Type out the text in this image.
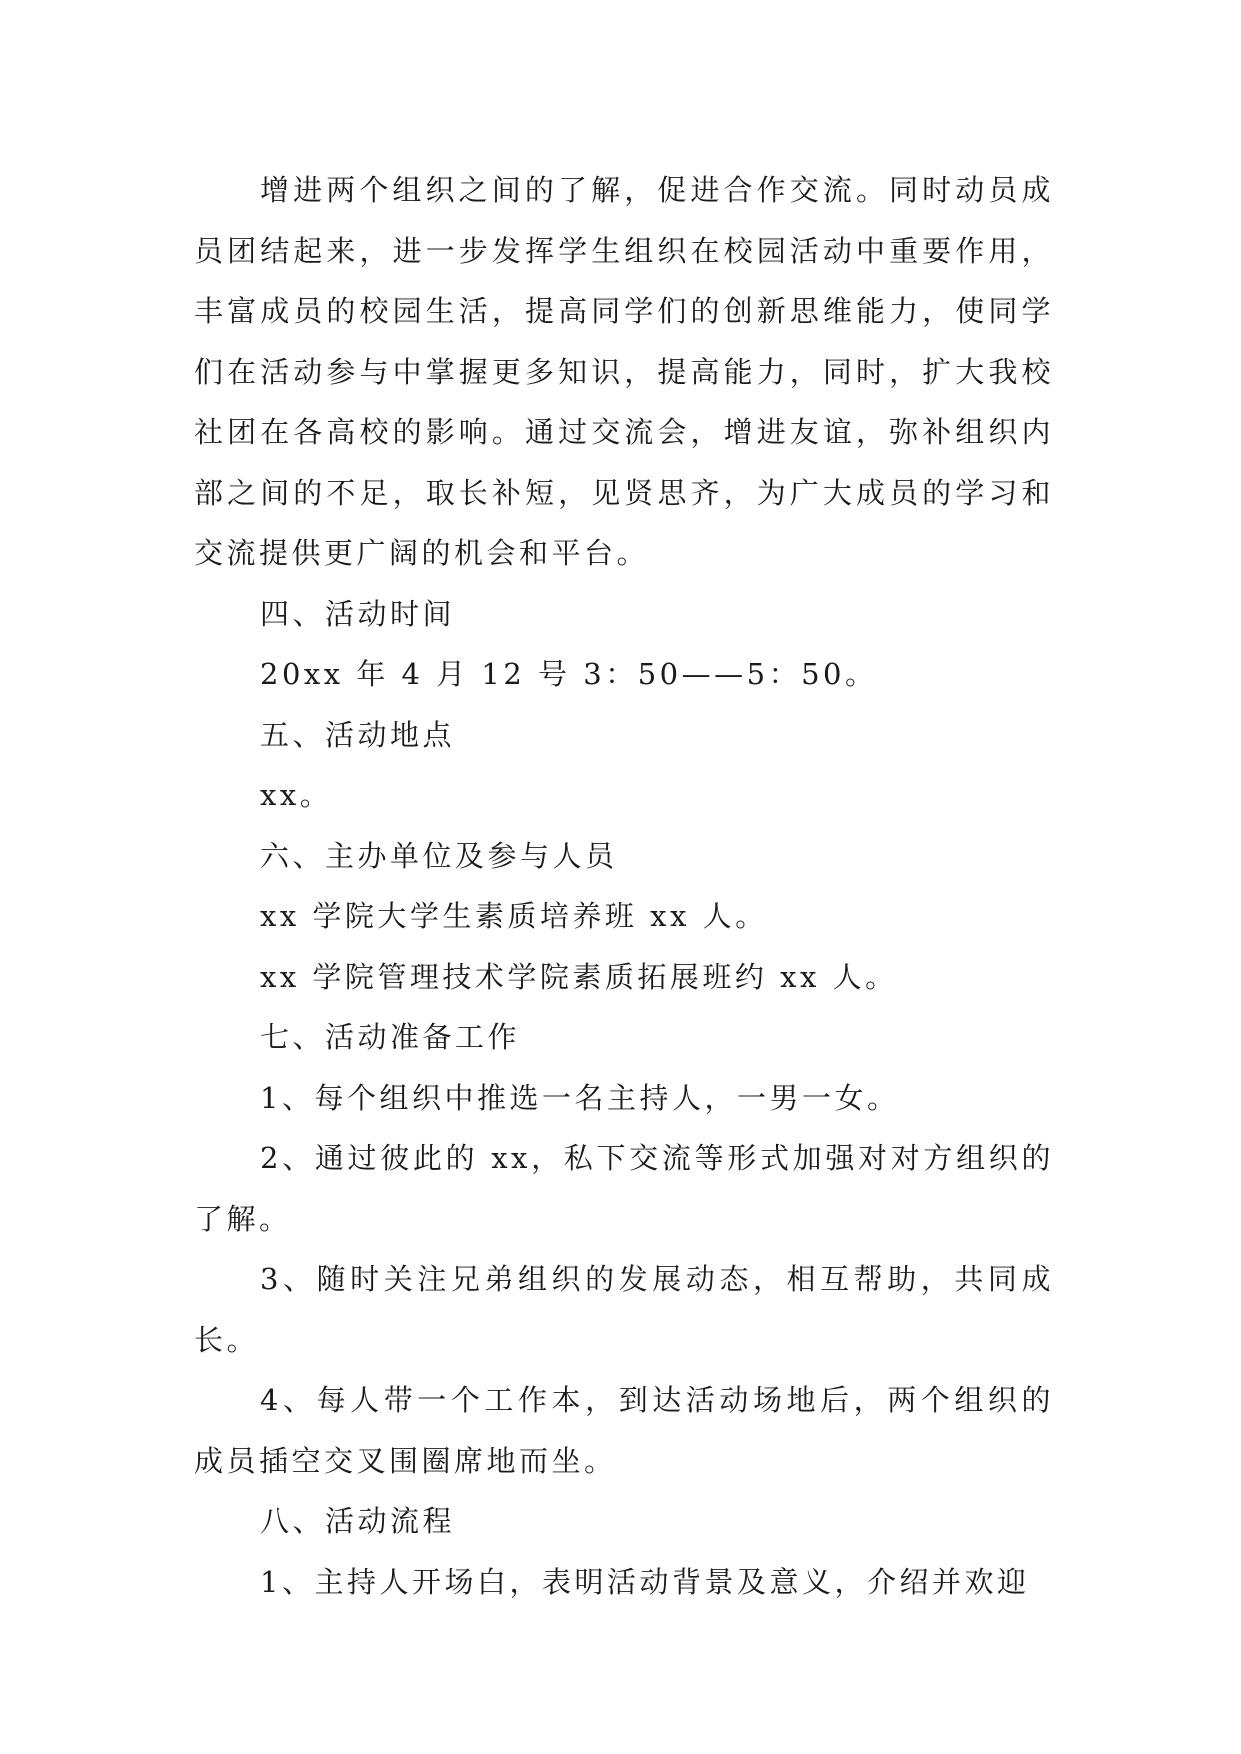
增进两个组织之间的了解，促进合作交流。同时动员成员团结起来，进一步发挥学生组织在校园活动中重要作用，丰富成员的校园生活，提高同学们的创新思维能力，使同学们在活动参与中掌握更多知识，提高能力，同时，扩大我校社团在各高校的影响。通过交流会，增进友谊，弥补组织内部之间的不足，取长补短，见贤思齐，为广大成员的学习和交流提供更广阔的机会和平台。

四、活动时间

20xx 年 4 月 12 号 3：50——5：50。

五、活动地点

xx。

六、主办单位及参与人员

xx 学院大学生素质培养班 xx 人。

xx 学院管理技术学院素质拓展班约 xx 人。

七、活动准备工作

1、每个组织中推选一名主持人，一男一女。

2、通过彼此的 xx，私下交流等形式加强对对方组织的了解。

3、随时关注兄弟组织的发展动态，相互帮助，共同成长。

4、每人带一个工作本，到达活动场地后，两个组织的成员插空交叉围圈席地而坐。

八、活动流程

1、主持人开场白，表明活动背景及意义，介绍并欢迎
